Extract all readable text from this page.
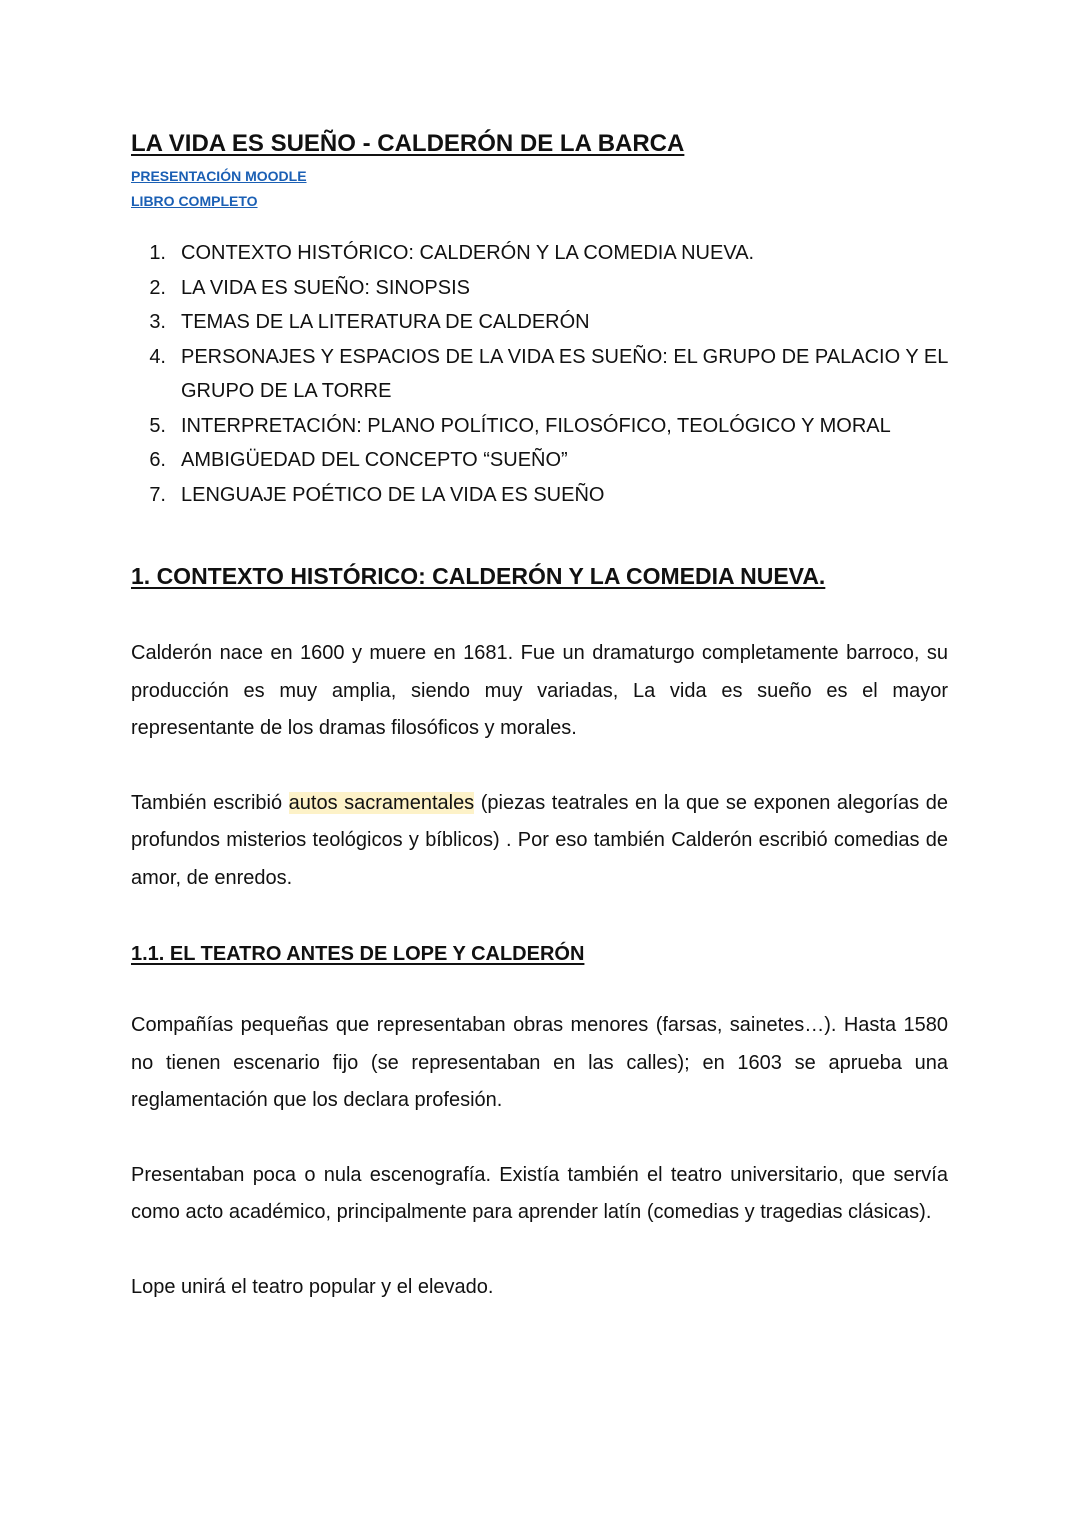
LA VIDA ES SUEÑO - CALDERÓN DE LA BARCA
PRESENTACIÓN MOODLE
LIBRO COMPLETO
1. CONTEXTO HISTÓRICO: CALDERÓN Y LA COMEDIA NUEVA.
2. LA VIDA ES SUEÑO: SINOPSIS
3. TEMAS DE LA LITERATURA DE CALDERÓN
4. PERSONAJES Y ESPACIOS DE LA VIDA ES SUEÑO: EL GRUPO DE PALACIO Y EL GRUPO DE LA TORRE
5. INTERPRETACIÓN: PLANO POLÍTICO, FILOSÓFICO, TEOLÓGICO Y MORAL
6. AMBIGÜEDAD DEL CONCEPTO “SUEÑO”
7. LENGUAJE POÉTICO DE LA VIDA ES SUEÑO
1. CONTEXTO HISTÓRICO: CALDERÓN Y LA COMEDIA NUEVA.

Calderón nace en 1600 y muere en 1681. Fue un dramaturgo completamente barroco, su producción es muy amplia, siendo muy variadas, La vida es sueño es el mayor representante de los dramas filosóficos y morales.

También escribió autos sacramentales (piezas teatrales en la que se exponen alegorías de profundos misterios teológicos y bíblicos) . Por eso también Calderón escribió comedias de amor, de enredos.

1.1. EL TEATRO ANTES DE LOPE Y CALDERÓN

Compañías pequeñas que representaban obras menores (farsas, sainetes…). Hasta 1580 no tienen escenario fijo (se representaban en las calles); en 1603 se aprueba una reglamentación que los declara profesión.

Presentaban poca o nula escenografía. Existía también el teatro universitario, que servía como acto académico, principalmente para aprender latín (comedias y tragedias clásicas).

Lope unirá el teatro popular y el elevado.
